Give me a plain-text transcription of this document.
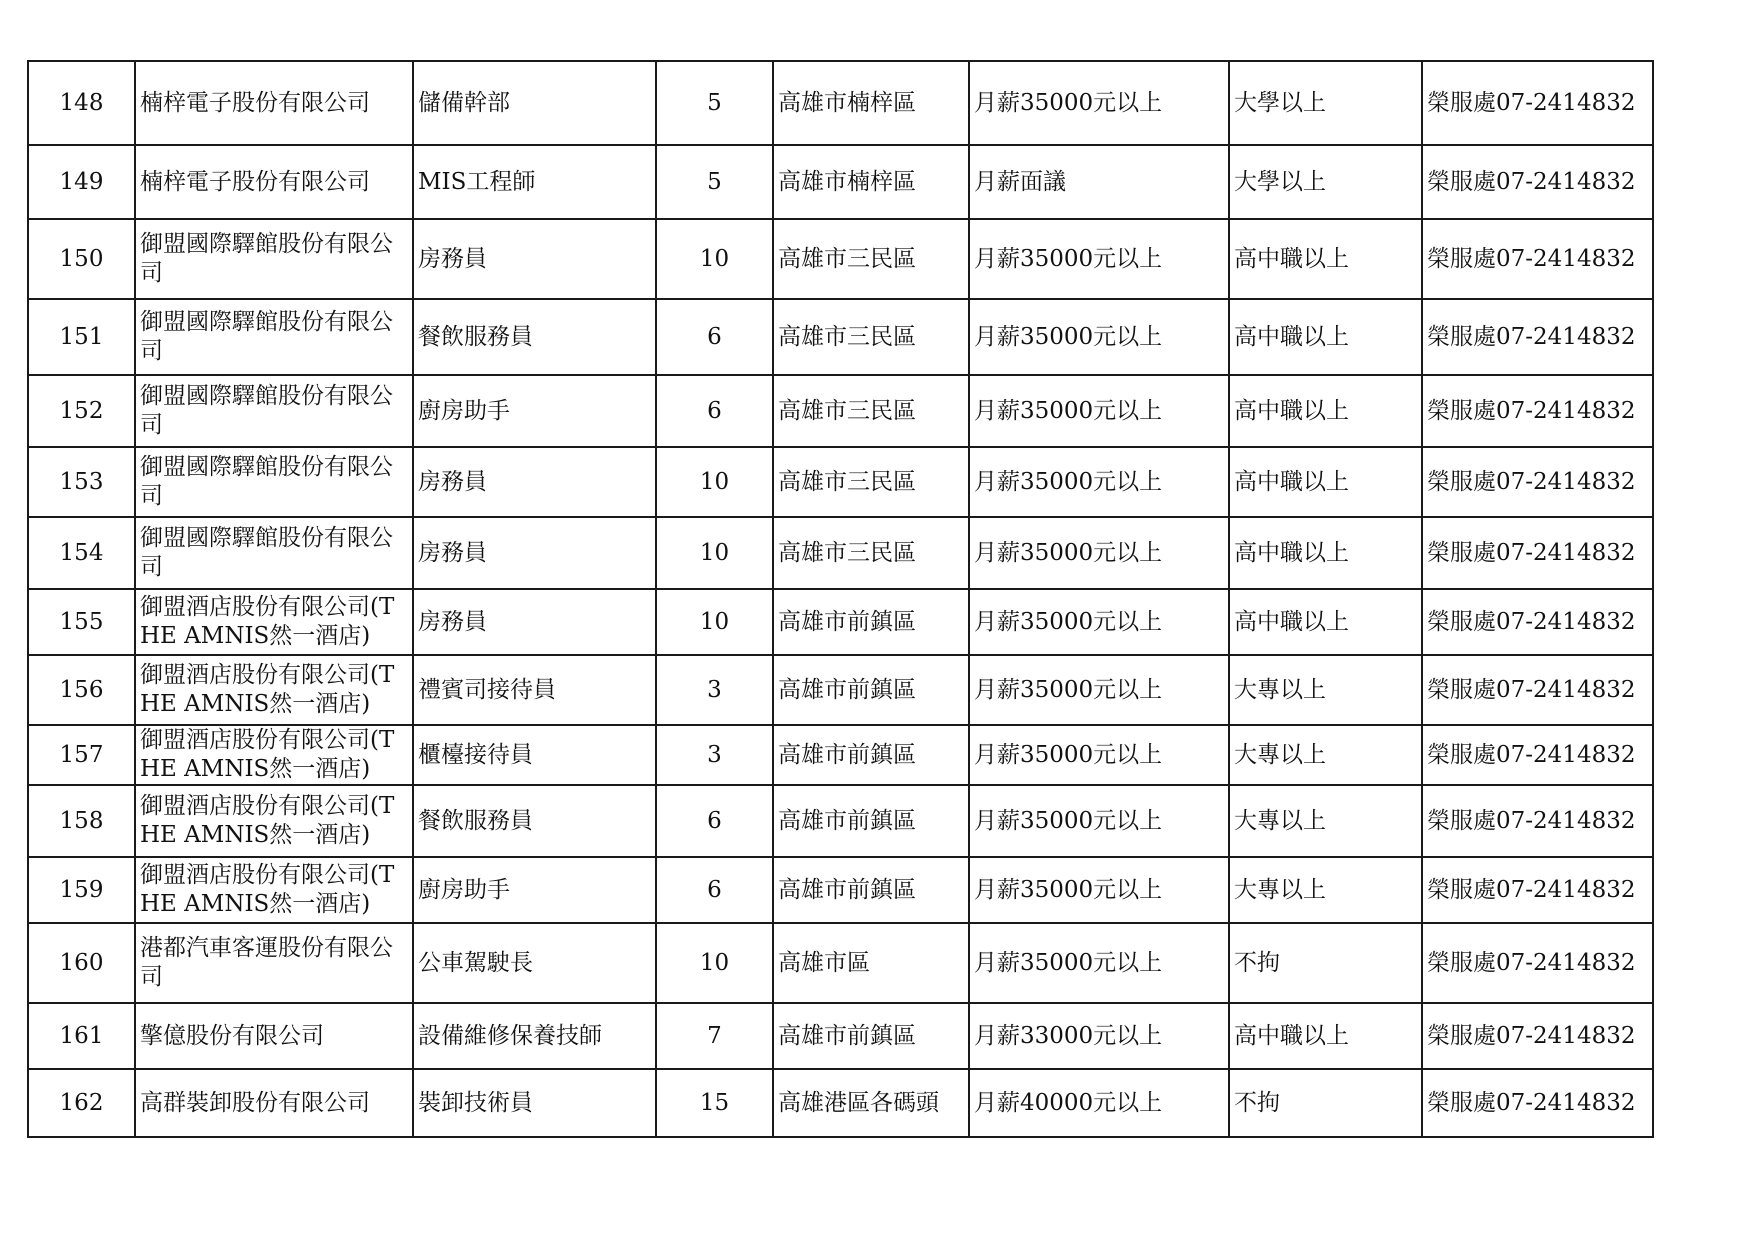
148	楠梓電子股份有限公司	儲備幹部	5	高雄市楠梓區	月薪35000元以上	大學以上	榮服處07-2414832
149	楠梓電子股份有限公司	MIS工程師	5	高雄市楠梓區	月薪面議	大學以上	榮服處07-2414832
150	御盟國際驛館股份有限公司	房務員	10	高雄市三民區	月薪35000元以上	高中職以上	榮服處07-2414832
151	御盟國際驛館股份有限公司	餐飲服務員	6	高雄市三民區	月薪35000元以上	高中職以上	榮服處07-2414832
152	御盟國際驛館股份有限公司	廚房助手	6	高雄市三民區	月薪35000元以上	高中職以上	榮服處07-2414832
153	御盟國際驛館股份有限公司	房務員	10	高雄市三民區	月薪35000元以上	高中職以上	榮服處07-2414832
154	御盟國際驛館股份有限公司	房務員	10	高雄市三民區	月薪35000元以上	高中職以上	榮服處07-2414832
155	御盟酒店股份有限公司(THE AMNIS然一酒店)	房務員	10	高雄市前鎮區	月薪35000元以上	高中職以上	榮服處07-2414832
156	御盟酒店股份有限公司(THE AMNIS然一酒店)	禮賓司接待員	3	高雄市前鎮區	月薪35000元以上	大專以上	榮服處07-2414832
157	御盟酒店股份有限公司(THE AMNIS然一酒店)	櫃檯接待員	3	高雄市前鎮區	月薪35000元以上	大專以上	榮服處07-2414832
158	御盟酒店股份有限公司(THE AMNIS然一酒店)	餐飲服務員	6	高雄市前鎮區	月薪35000元以上	大專以上	榮服處07-2414832
159	御盟酒店股份有限公司(THE AMNIS然一酒店)	廚房助手	6	高雄市前鎮區	月薪35000元以上	大專以上	榮服處07-2414832
160	港都汽車客運股份有限公司	公車駕駛長	10	高雄市區	月薪35000元以上	不拘	榮服處07-2414832
161	擎億股份有限公司	設備維修保養技師	7	高雄市前鎮區	月薪33000元以上	高中職以上	榮服處07-2414832
162	高群裝卸股份有限公司	裝卸技術員	15	高雄港區各碼頭	月薪40000元以上	不拘	榮服處07-2414832
